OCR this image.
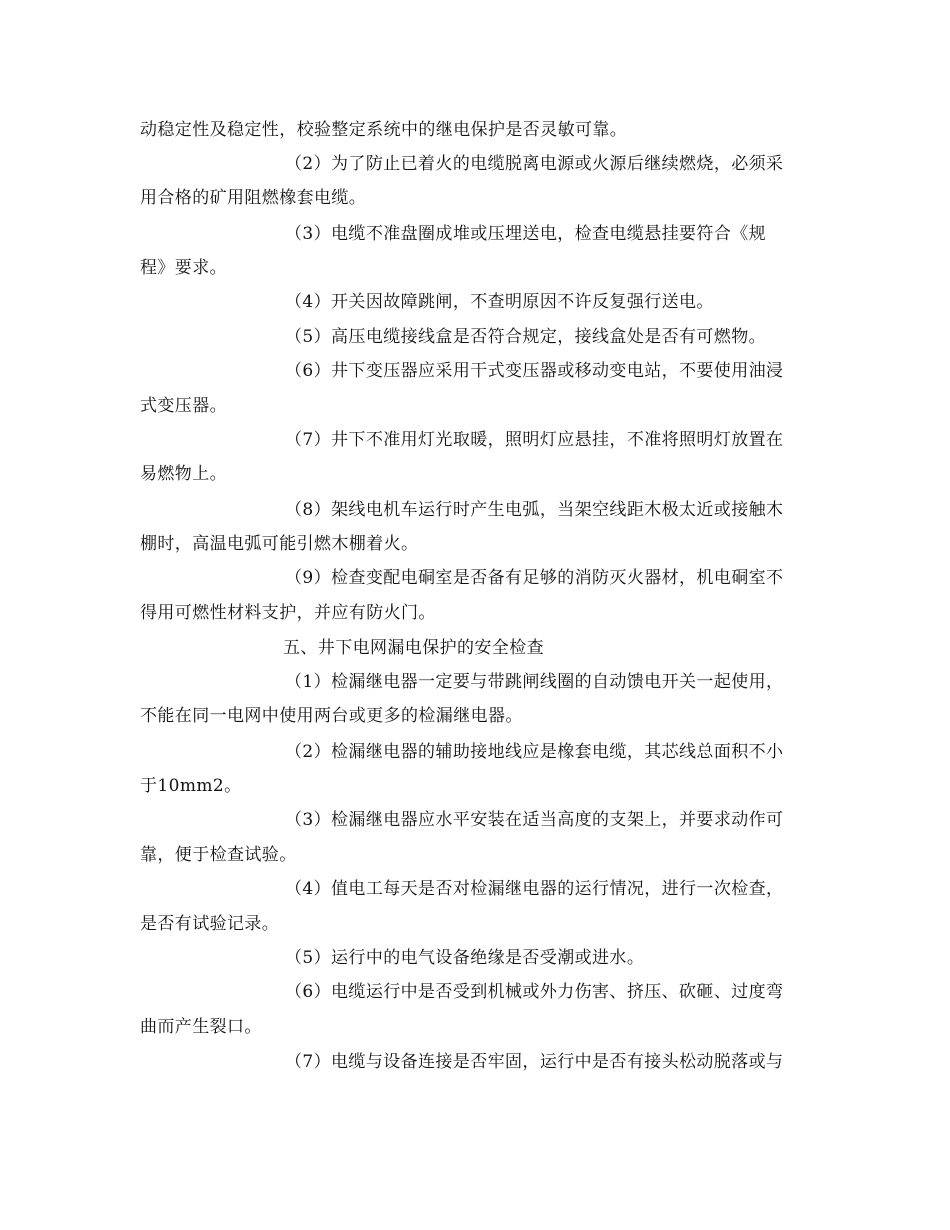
动稳定性及稳定性，校验整定系统中的继电保护是否灵敏可靠。
（2）为了防止已着火的电缆脱离电源或火源后继续燃烧，必须采
用合格的矿用阻燃橡套电缆。
（3）电缆不准盘圈成堆或压埋送电，检查电缆悬挂要符合《规
程》要求。
（4）开关因故障跳闸，不查明原因不许反复强行送电。
（5）高压电缆接线盒是否符合规定，接线盒处是否有可燃物。
（6）井下变压器应采用干式变压器或移动变电站，不要使用油浸
式变压器。
（7）井下不准用灯光取暖，照明灯应悬挂，不准将照明灯放置在
易燃物上。
（8）架线电机车运行时产生电弧，当架空线距木极太近或接触木
棚时，高温电弧可能引燃木棚着火。
（9）检查变配电硐室是否备有足够的消防灭火器材，机电硐室不
得用可燃性材料支护，并应有防火门。
五、井下电网漏电保护的安全检查
（1）检漏继电器一定要与带跳闸线圈的自动馈电开关一起使用，
不能在同一电网中使用两台或更多的检漏继电器。
（2）检漏继电器的辅助接地线应是橡套电缆，其芯线总面积不小
于10mm2。
（3）检漏继电器应水平安装在适当高度的支架上，并要求动作可
靠，便于检查试验。
（4）值电工每天是否对检漏继电器的运行情况，进行一次检查，
是否有试验记录。
（5）运行中的电气设备绝缘是否受潮或进水。
（6）电缆运行中是否受到机械或外力伤害、挤压、砍砸、过度弯
曲而产生裂口。
（7）电缆与设备连接是否牢固，运行中是否有接头松动脱落或与
